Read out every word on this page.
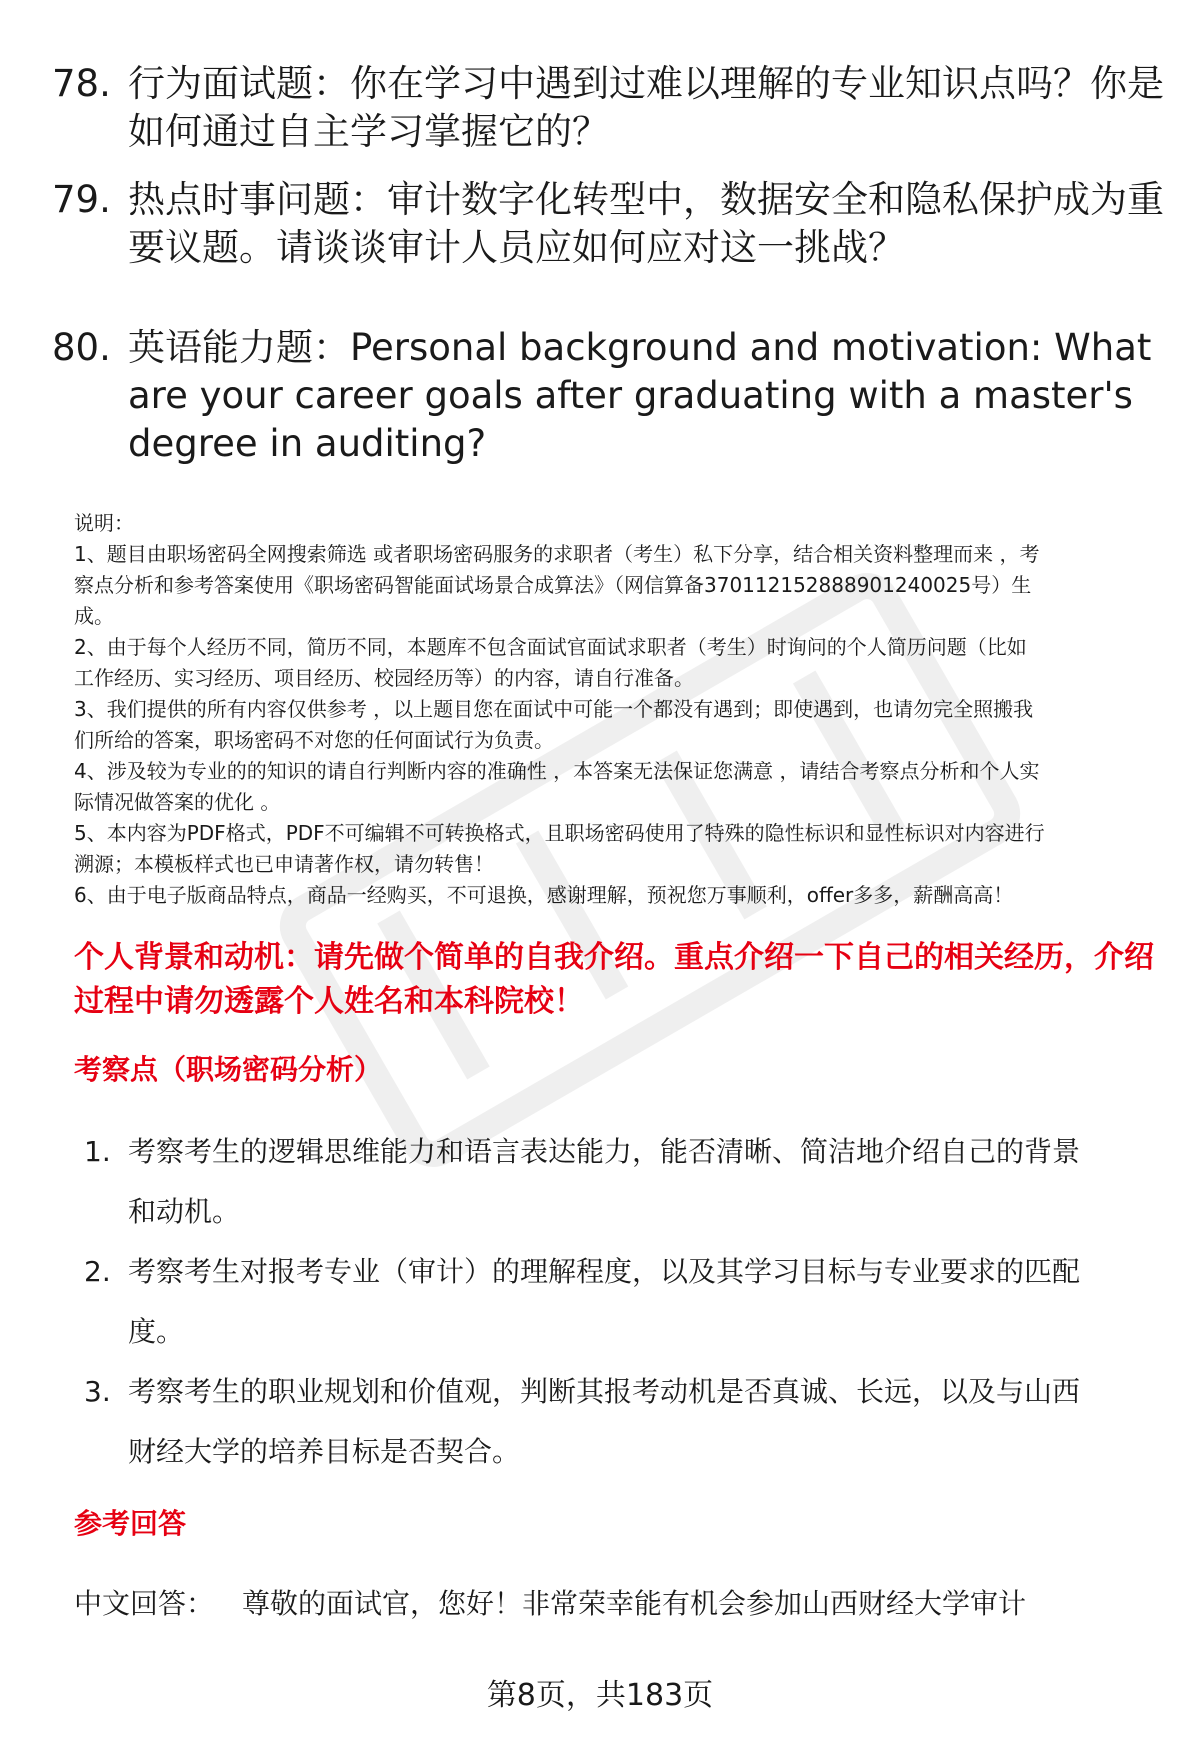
78. 行为面试题：你在学习中遇到过难以理解的专业知识点吗？你是
如何通过自主学习掌握它的？
79. 热点时事问题：审计数字化转型中，数据安全和隐私保护成为重
要议题。请谈谈审计人员应如何应对这一挑战？
80. 英语能力题：Personal background and motivation: What
are your career goals after graduating with a master's
degree in auditing?
说明：
1、题目由职场密码全网搜索筛选 或者职场密码服务的求职者（考生）私下分享，结合相关资料整理而来 ，考
察点分析和参考答案使用《职场密码智能面试场景合成算法》（网信算备370112152888901240025号）生
成。
2、由于每个人经历不同，简历不同，本题库不包含面试官面试求职者（考生）时询问的个人简历问题（比如
工作经历、实习经历、项目经历、校园经历等）的内容，请自行准备。
3、我们提供的所有内容仅供参考 ，以上题目您在面试中可能一个都没有遇到；即使遇到，也请勿完全照搬我
们所给的答案，职场密码不对您的任何面试行为负责。
4、涉及较为专业的的知识的请自行判断内容的准确性 ，本答案无法保证您满意 ，请结合考察点分析和个人实
际情况做答案的优化 。
5、本内容为PDF格式，PDF不可编辑不可转换格式，且职场密码使用了特殊的隐性标识和显性标识对内容进行
溯源；本模板样式也已申请著作权，请勿转售！
6、由于电子版商品特点，商品一经购买，不可退换，感谢理解，预祝您万事顺利，offer多多，薪酬高高！
个人背景和动机：请先做个简单的自我介绍。重点介绍一下自己的相关经历，介绍
过程中请勿透露个人姓名和本科院校！
考察点（职场密码分析）
1. 考察考生的逻辑思维能力和语言表达能力，能否清晰、简洁地介绍自己的背景
和动机。
2. 考察考生对报考专业（审计）的理解程度，以及其学习目标与专业要求的匹配
度。
3. 考察考生的职业规划和价值观，判断其报考动机是否真诚、长远，以及与山西
财经大学的培养目标是否契合。
参考回答
中文回答： 尊敬的面试官，您好！非常荣幸能有机会参加山西财经大学审计
第8页，共183页
